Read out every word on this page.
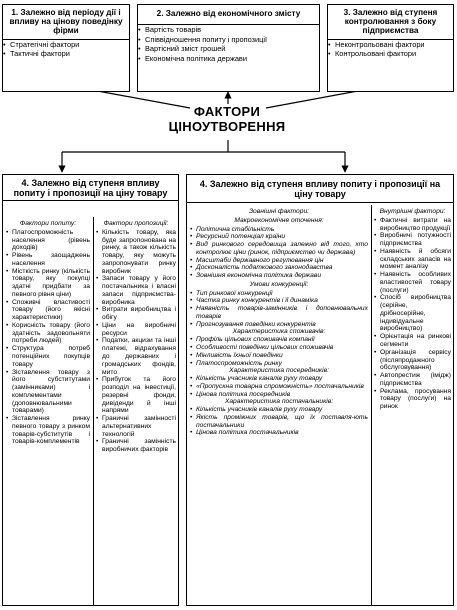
1. Залежно від періоду дії і впливу на цінову поведінку фірми
• Стратегічні фактори
• Тактичні фактори
2. Залежно від економічного змісту
• Вартість товарів
• Співвідношення попиту і пропозиції
• Вартісний зміст грошей
• Економічна політика держави
3. Залежно від ступеня контролювання з боку підприємства
• Неконтрольовані фактори
• Контрольовані фактори
ФАКТОРИ
ЦІНОУТВОРЕННЯ
4. Залежно від ступеня впливу попиту і пропозиції на ціну товару
Фактори попиту:
• Платоспроможність населення (рівень доходів)
• Рівень заощаджень населення
• Місткість ринку (кількість товару, яку покупці здатні придбати за певного рівня ціни)
• Споживчі властивості товару (його якісні характеристики)
• Корисність товару (його здатність задовольняти потреби людей)
• Структура потреб потенційних покупців товару
• Зіставлення товару з його субститутами (замінниками) і комплементами (доповнювальними товарами)
• Зіставлення ринку певного товару з ринком товарів-субститутів і товарів-комплементів
Фактори пропозиції:
• Кількість товару, яка буде запропонована на ринку, а також кількість товару, яку можуть запропонувати ринку виробник
• Запаси товару у його постачальника і власні запаси підприємства-виробника
• Витрати виробництва і обігу
• Ціни на виробничі ресурси
• Податки, акцизи та інші платежі, відрахування до державних і громадських фондів, мито
• Прибуток та його розподіл на інвестиції, резервні фонди, дивіденди й інші напрями
• Граничні замінності альтернативних технологій
• Граничні замінність виробничих факторів
4. Залежно від ступеня впливу попиту і пропозиції на ціну товару
Зовнішні фактори:
Макроекономічне оточення:
• Політична стабільність
• Ресурсний потенціал країни
• Вид ринкового середовища залежно від того, хто контролює ціни (ринок, підприємство чи держава)
• Масштаби державного регулювання цін
• Досконалість податкового законодавства
• Зовнішня економічна політика держави
Умови конкуренції:
• Тип ринкової конкуренції
• Частка ринку конкурентів і її динаміка
• Наявність товарів-замінників і доповнювальних товарів
• Прогнозування поведінки конкурентів
Характеристика споживачів:
• Профіль цільових споживачів компанії
• Особливості поведінки цільових споживачів
• Мінливість їхньої поведінки
• Платоспроможність ринку
Характеристика посередників:
• Кількість учасників каналів руху товару
• «Пропускна товарна спроможність» постачальників
• Цінова політика посередників
Характеристика постачальників:
• Кількість учасників каналів руху товару
• Якість проміжних товарів, що їх поставля-ють постачальники
• Цінова політика постачальників
Внутрішні фактори:
• Фактичні витрати на виробництво продукції
• Виробничі потужності підприємства
• Наявність й обсяги складських запасів на момент аналізу
• Наявність особливих властивостей товару (послуги)
• Спосіб виробництва (серійне, дрібносерійне, індивідуальне виробництво)
• Орієнтація на ринкові сегменти
• Організація сервісу (післяпродажного обслуговування)
• Автопрестиж (імідж) підприємства
• Реклама, просування товару (послуги) на ринок
